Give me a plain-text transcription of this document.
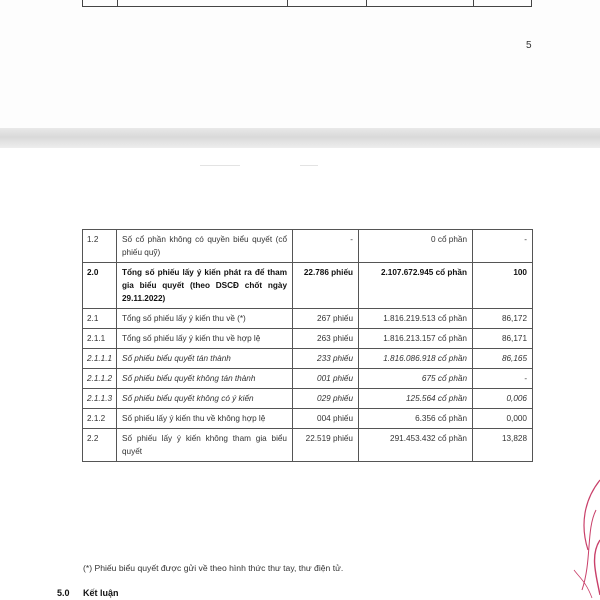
5
1.2	Số cổ phần không có quyền biểu quyết (cổ phiếu quỹ)	-	0 cổ phần	-
2.0	Tổng số phiếu lấy ý kiến phát ra để tham gia biểu quyết (theo DSCĐ chốt ngày 29.11.2022)	22.786 phiếu	2.107.672.945 cổ phần	100
2.1	Tổng số phiếu lấy ý kiến thu về (*)	267 phiếu	1.816.219.513 cổ phần	86,172
2.1.1	Tổng số phiếu lấy ý kiến thu về hợp lệ	263 phiếu	1.816.213.157 cổ phần	86,171
2.1.1.1	Số phiếu biểu quyết tán thành	233 phiếu	1.816.086.918 cổ phần	86,165
2.1.1.2	Số phiếu biểu quyết không tán thành	001 phiếu	675 cổ phần	-
2.1.1.3	Số phiếu biểu quyết không có ý kiến	029 phiếu	125.564 cổ phần	0,006
2.1.2	Số phiếu lấy ý kiến thu về không hợp lệ	004 phiếu	6.356 cổ phần	0,000
2.2	Số phiếu lấy ý kiến không tham gia biểu quyết	22.519 phiếu	291.453.432 cổ phần	13,828
(*) Phiếu biểu quyết được gửi về theo hình thức thư tay, thư điện tử.
5.0 Kết luận
